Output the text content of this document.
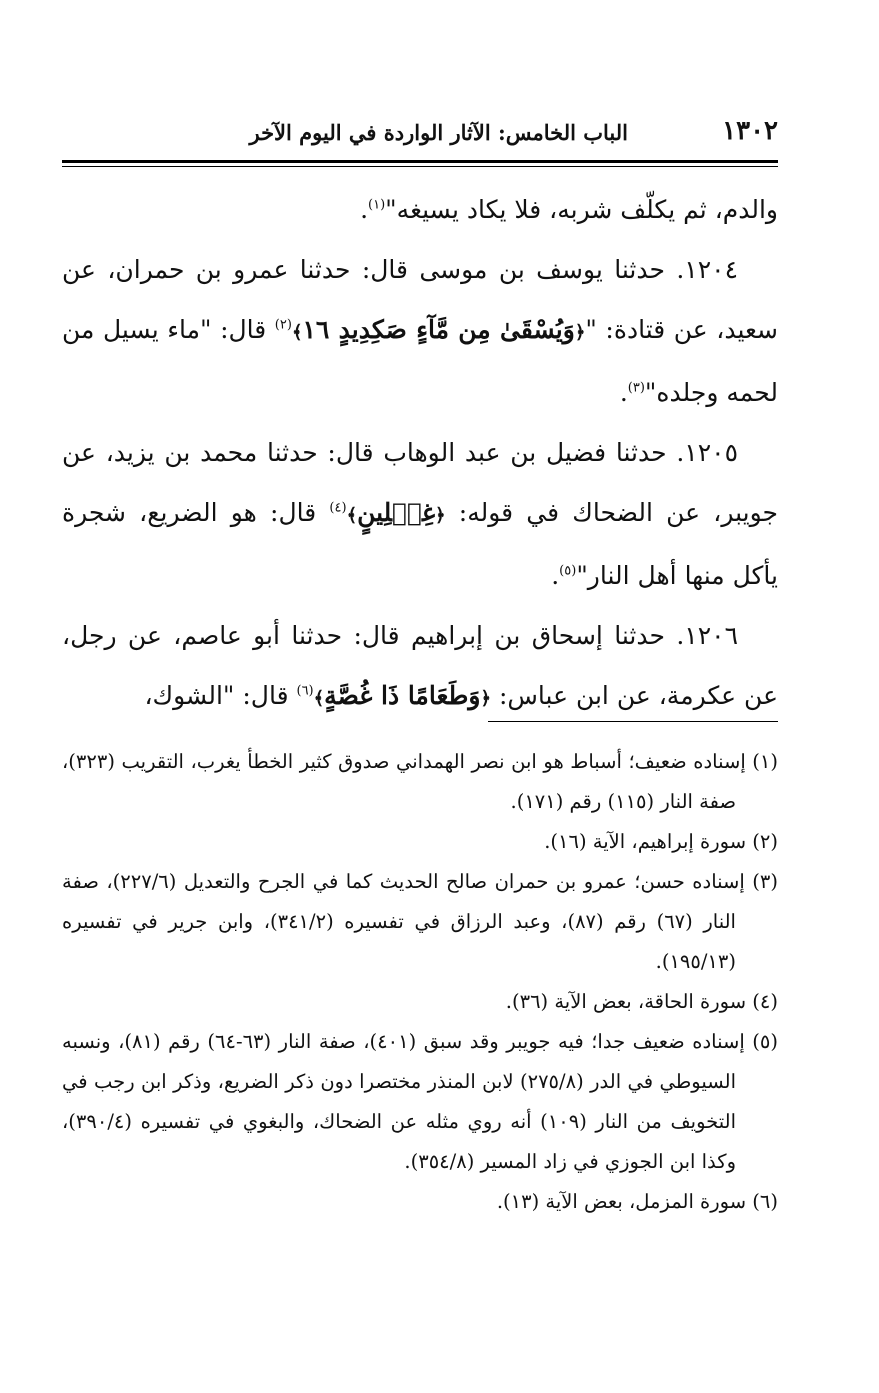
١٣٠٢
الباب الخامس: الآثار الواردة في اليوم الآخر

والدم، ثم يكلّف شربه، فلا يكاد يسيغه"$^{(١)}$.

١٢٠٤. حدثنا يوسف بن موسى قال: حدثنا عمرو بن حمران، عن سعيد، عن قتادة: "﴿وَيُسْقَىٰ مِن مَّآءٍ صَكِدِيدٍ ١٦﴾$^{(٢)}$ قال: "ماء يسيل من لحمه وجلده"$^{(٣)}$.

١٢٠٥. حدثنا فضيل بن عبد الوهاب قال: حدثنا محمد بن يزيد، عن جويبر، عن الضحاك في قوله: ﴿غِسۡلِينٍ﴾$^{(٤)}$ قال: هو الضريع، شجرة يأكل منها أهل النار"$^{(٥)}$.

١٢٠٦. حدثنا إسحاق بن إبراهيم قال: حدثنا أبو عاصم، عن رجل، عن عكرمة، عن ابن عباس: ﴿وَطَعَامًا ذَا غُصَّةٍ﴾$^{(٦)}$ قال: "الشوك،

(١) إسناده ضعيف؛ أسباط هو ابن نصر الهمداني صدوق كثير الخطأ يغرب، التقريب (٣٢٣)، صفة النار (١١٥) رقم (١٧١).

(٢) سورة إبراهيم، الآية (١٦).

(٣) إسناده حسن؛ عمرو بن حمران صالح الحديث كما في الجرح والتعديل (٢٢٧/٦)، صفة النار (٦٧) رقم (٨٧)، وعبد الرزاق في تفسيره (٣٤١/٢)، وابن جرير في تفسيره (١٩٥/١٣).

(٤) سورة الحاقة، بعض الآية (٣٦).

(٥) إسناده ضعيف جدا؛ فيه جويبر وقد سبق (٤٠١)، صفة النار (٦٣-٦٤) رقم (٨١)، ونسبه السيوطي في الدر (٢٧٥/٨) لابن المنذر مختصرا دون ذكر الضريع، وذكر ابن رجب في التخويف من النار (١٠٩) أنه روي مثله عن الضحاك، والبغوي في تفسيره (٣٩٠/٤)، وكذا ابن الجوزي في زاد المسير (٣٥٤/٨).

(٦) سورة المزمل، بعض الآية (١٣).
